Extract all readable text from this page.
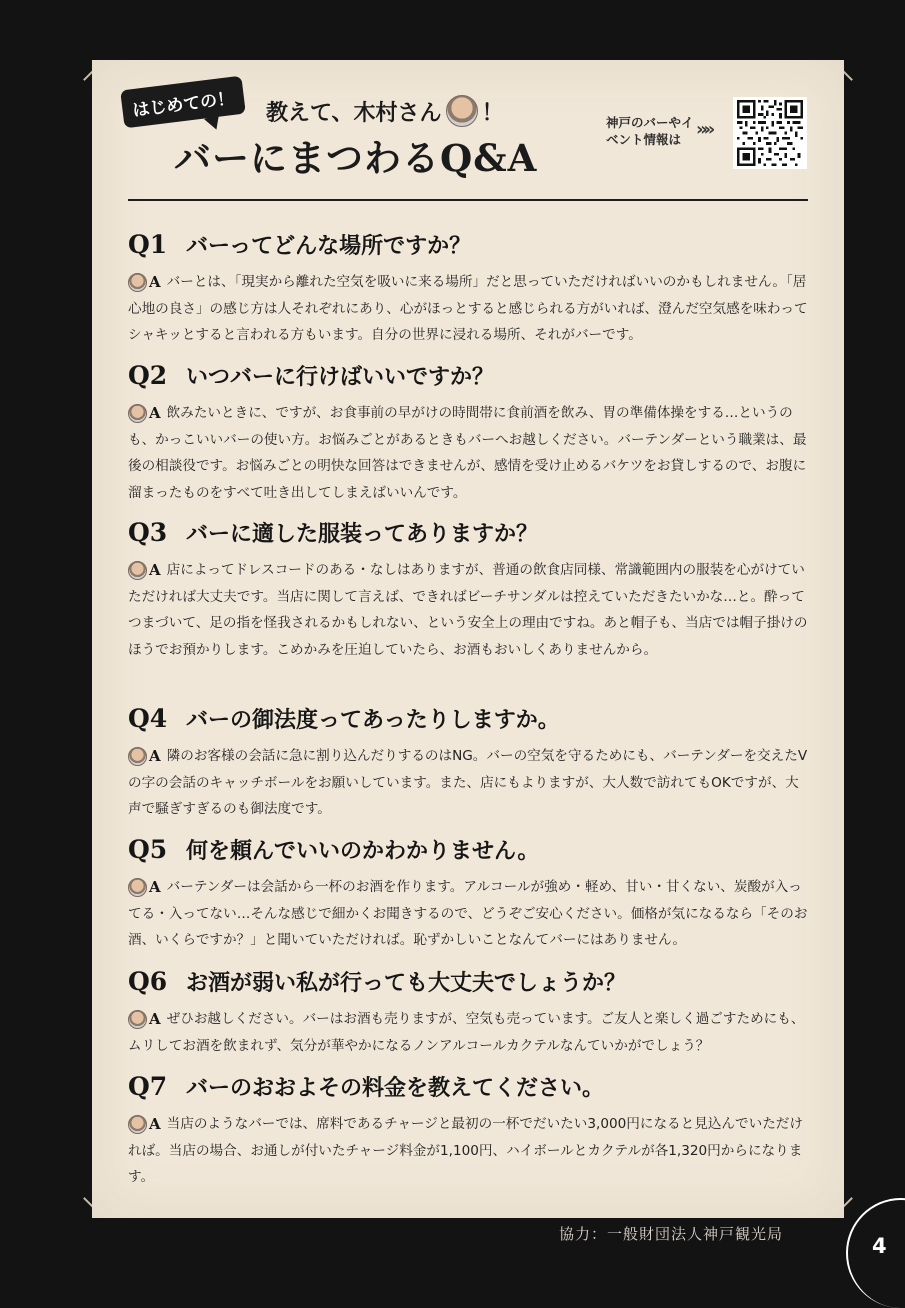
はじめての！	教えて、木村さん ！
バーにまつわるQ&A
神戸のバーやイベント情報は »»
Q1 バーってどんな場所ですか？
A バーとは、「現実から離れた空気を吸いに来る場所」だと思っていただければいいのかもしれません。「居心地の良さ」の感じ方は人それぞれにあり、心がほっとすると感じられる方がいれば、澄んだ空気感を味わってシャキッとすると言われる方もいます。自分の世界に浸れる場所、それがバーです。
Q2 いつバーに行けばいいですか？
A 飲みたいときに、ですが、お食事前の早がけの時間帯に食前酒を飲み、胃の準備体操をする…というのも、かっこいいバーの使い方。お悩みごとがあるときもバーへお越しください。バーテンダーという職業は、最後の相談役です。お悩みごとの明快な回答はできませんが、感情を受け止めるバケツをお貸しするので、お腹に溜まったものをすべて吐き出してしまえばいいんです。
Q3 バーに適した服装ってありますか？
A 店によってドレスコードのある・なしはありますが、普通の飲食店同様、常識範囲内の服装を心がけていただければ大丈夫です。当店に関して言えば、できればビーチサンダルは控えていただきたいかな…と。酔ってつまづいて、足の指を怪我されるかもしれない、という安全上の理由ですね。あと帽子も、当店では帽子掛けのほうでお預かりします。こめかみを圧迫していたら、お酒もおいしくありませんから。
Q4 バーの御法度ってあったりしますか。
A 隣のお客様の会話に急に割り込んだりするのはNG。バーの空気を守るためにも、バーテンダーを交えたVの字の会話のキャッチボールをお願いしています。また、店にもよりますが、大人数で訪れてもOKですが、大声で騒ぎすぎるのも御法度です。
Q5 何を頼んでいいのかわかりません。
A バーテンダーは会話から一杯のお酒を作ります。アルコールが強め・軽め、甘い・甘くない、炭酸が入ってる・入ってない…そんな感じで細かくお聞きするので、どうぞご安心ください。価格が気になるなら「そのお酒、いくらですか？」と聞いていただければ。恥ずかしいことなんてバーにはありません。
Q6 お酒が弱い私が行っても大丈夫でしょうか？
A ぜひお越しください。バーはお酒も売りますが、空気も売っています。ご友人と楽しく過ごすためにも、ムリしてお酒を飲まれず、気分が華やかになるノンアルコールカクテルなんていかがでしょう？
Q7 バーのおおよその料金を教えてください。
A 当店のようなバーでは、席料であるチャージと最初の一杯でだいたい3,000円になると見込んでいただければ。当店の場合、お通しが付いたチャージ料金が1,100円、ハイボールとカクテルが各1,320円からになります。
協力：一般財団法人神戸観光局	4
